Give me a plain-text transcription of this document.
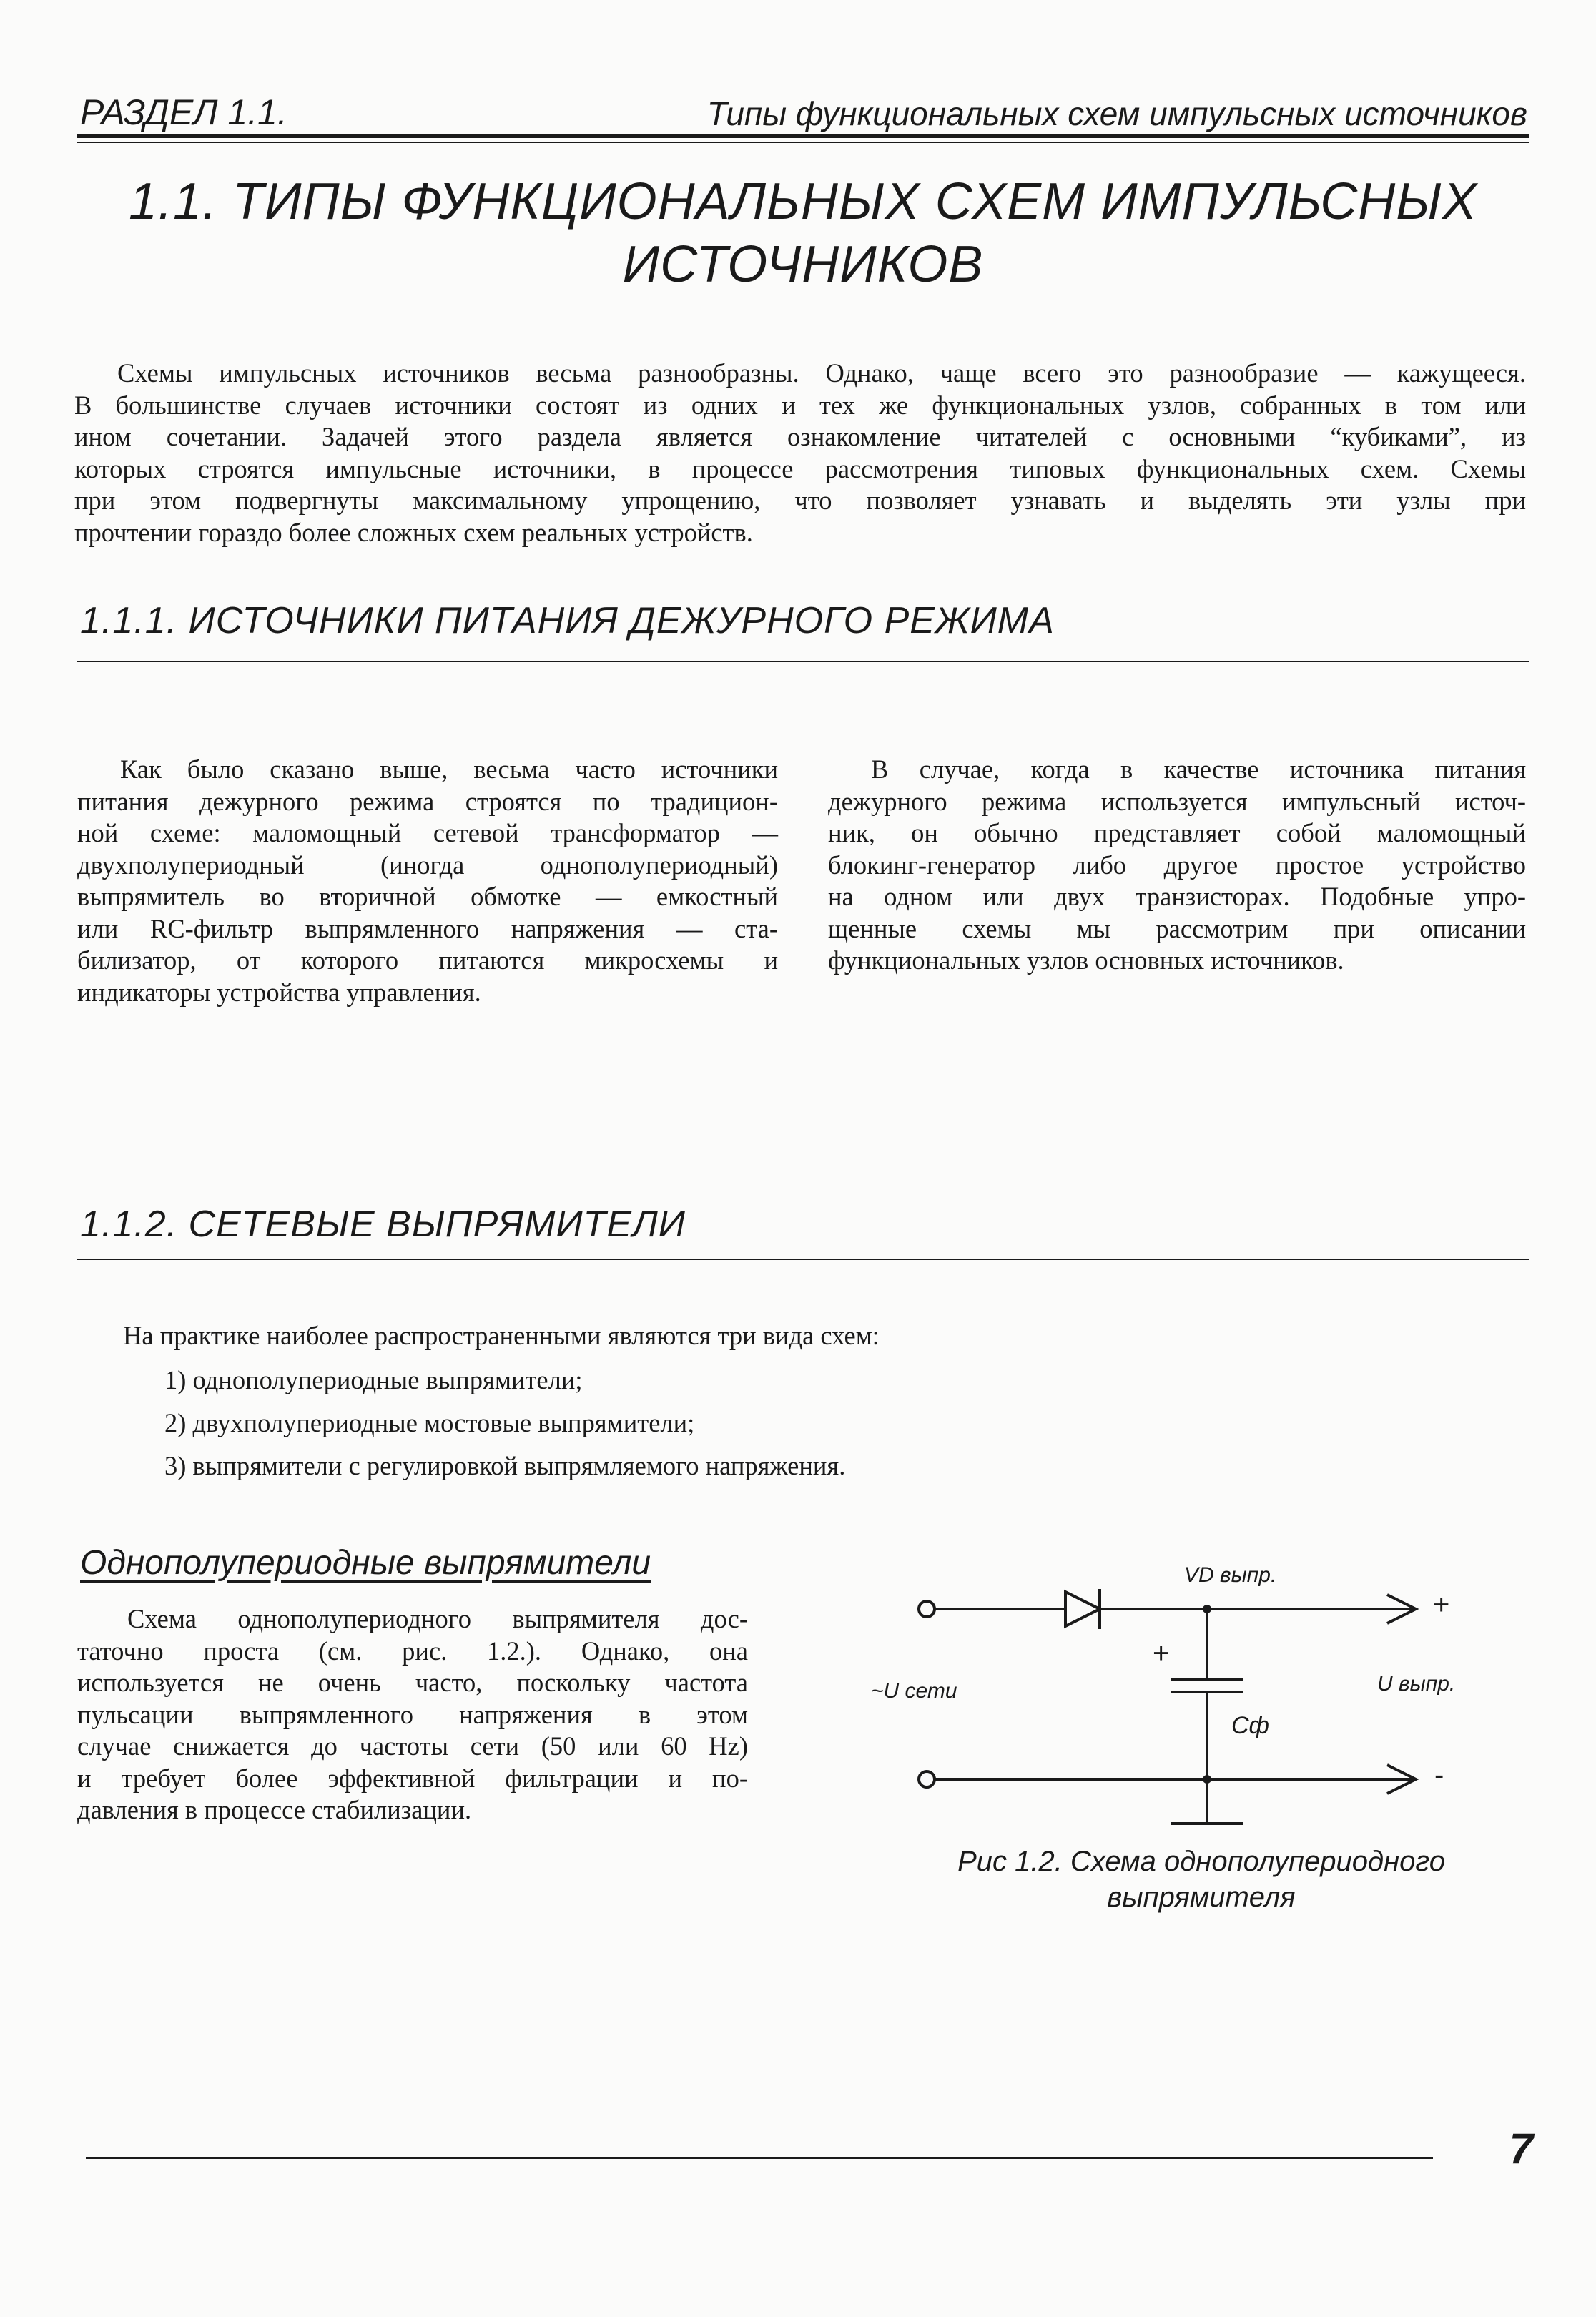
РАЗДЕЛ 1.1.	Типы функциональных схем импульсных источников
1.1. ТИПЫ ФУНКЦИОНАЛЬНЫХ СХЕМ ИМПУЛЬСНЫХ
ИСТОЧНИКОВ
Схемы импульсных источников весьма разнообразны. Однако, чаще всего это разнообразие — кажущееся.
В большинстве случаев источники состоят из одних и тех же функциональных узлов, собранных в том или
ином сочетании. Задачей этого раздела является ознакомление читателей с основными “кубиками”, из
которых строятся импульсные источники, в процессе рассмотрения типовых функциональных схем. Схемы
при этом подвергнуты максимальному упрощению, что позволяет узнавать и выделять эти узлы при
прочтении гораздо более сложных схем реальных устройств.
1.1.1. ИСТОЧНИКИ ПИТАНИЯ ДЕЖУРНОГО РЕЖИМА
Как было сказано выше, весьма часто источники
питания дежурного режима строятся по традицион-
ной схеме: маломощный сетевой трансформатор —
двухполупериодный (иногда однополупериодный)
выпрямитель во вторичной обмотке — емкостный
или RC-фильтр выпрямленного напряжения — ста-
билизатор, от которого питаются микросхемы и
индикаторы устройства управления.
В случае, когда в качестве источника питания
дежурного режима используется импульсный источ-
ник, он обычно представляет собой маломощный
блокинг-генератор либо другое простое устройство
на одном или двух транзисторах. Подобные упро-
щенные схемы мы рассмотрим при описании
функциональных узлов основных источников.
1.1.2. СЕТЕВЫЕ ВЫПРЯМИТЕЛИ
На практике наиболее распространенными являются три вида схем:
1) однополупериодные выпрямители;
2) двухполупериодные мостовые выпрямители;
3) выпрямители с регулировкой выпрямляемого напряжения.
Однополупериодные выпрямители
Схема однополупериодного выпрямителя дос-
таточно проста (см. рис. 1.2.). Однако, она
используется не очень часто, поскольку частота
пульсации выпрямленного напряжения в этом
случае снижается до частоты сети (50 или 60 Hz)
и требует более эффективной фильтрации и по-
давления в процессе стабилизации.
VD выпр.
+
+
~U сети	U выпр.
Сф
-
Рис 1.2. Схема однополупериодного
выпрямителя
7
